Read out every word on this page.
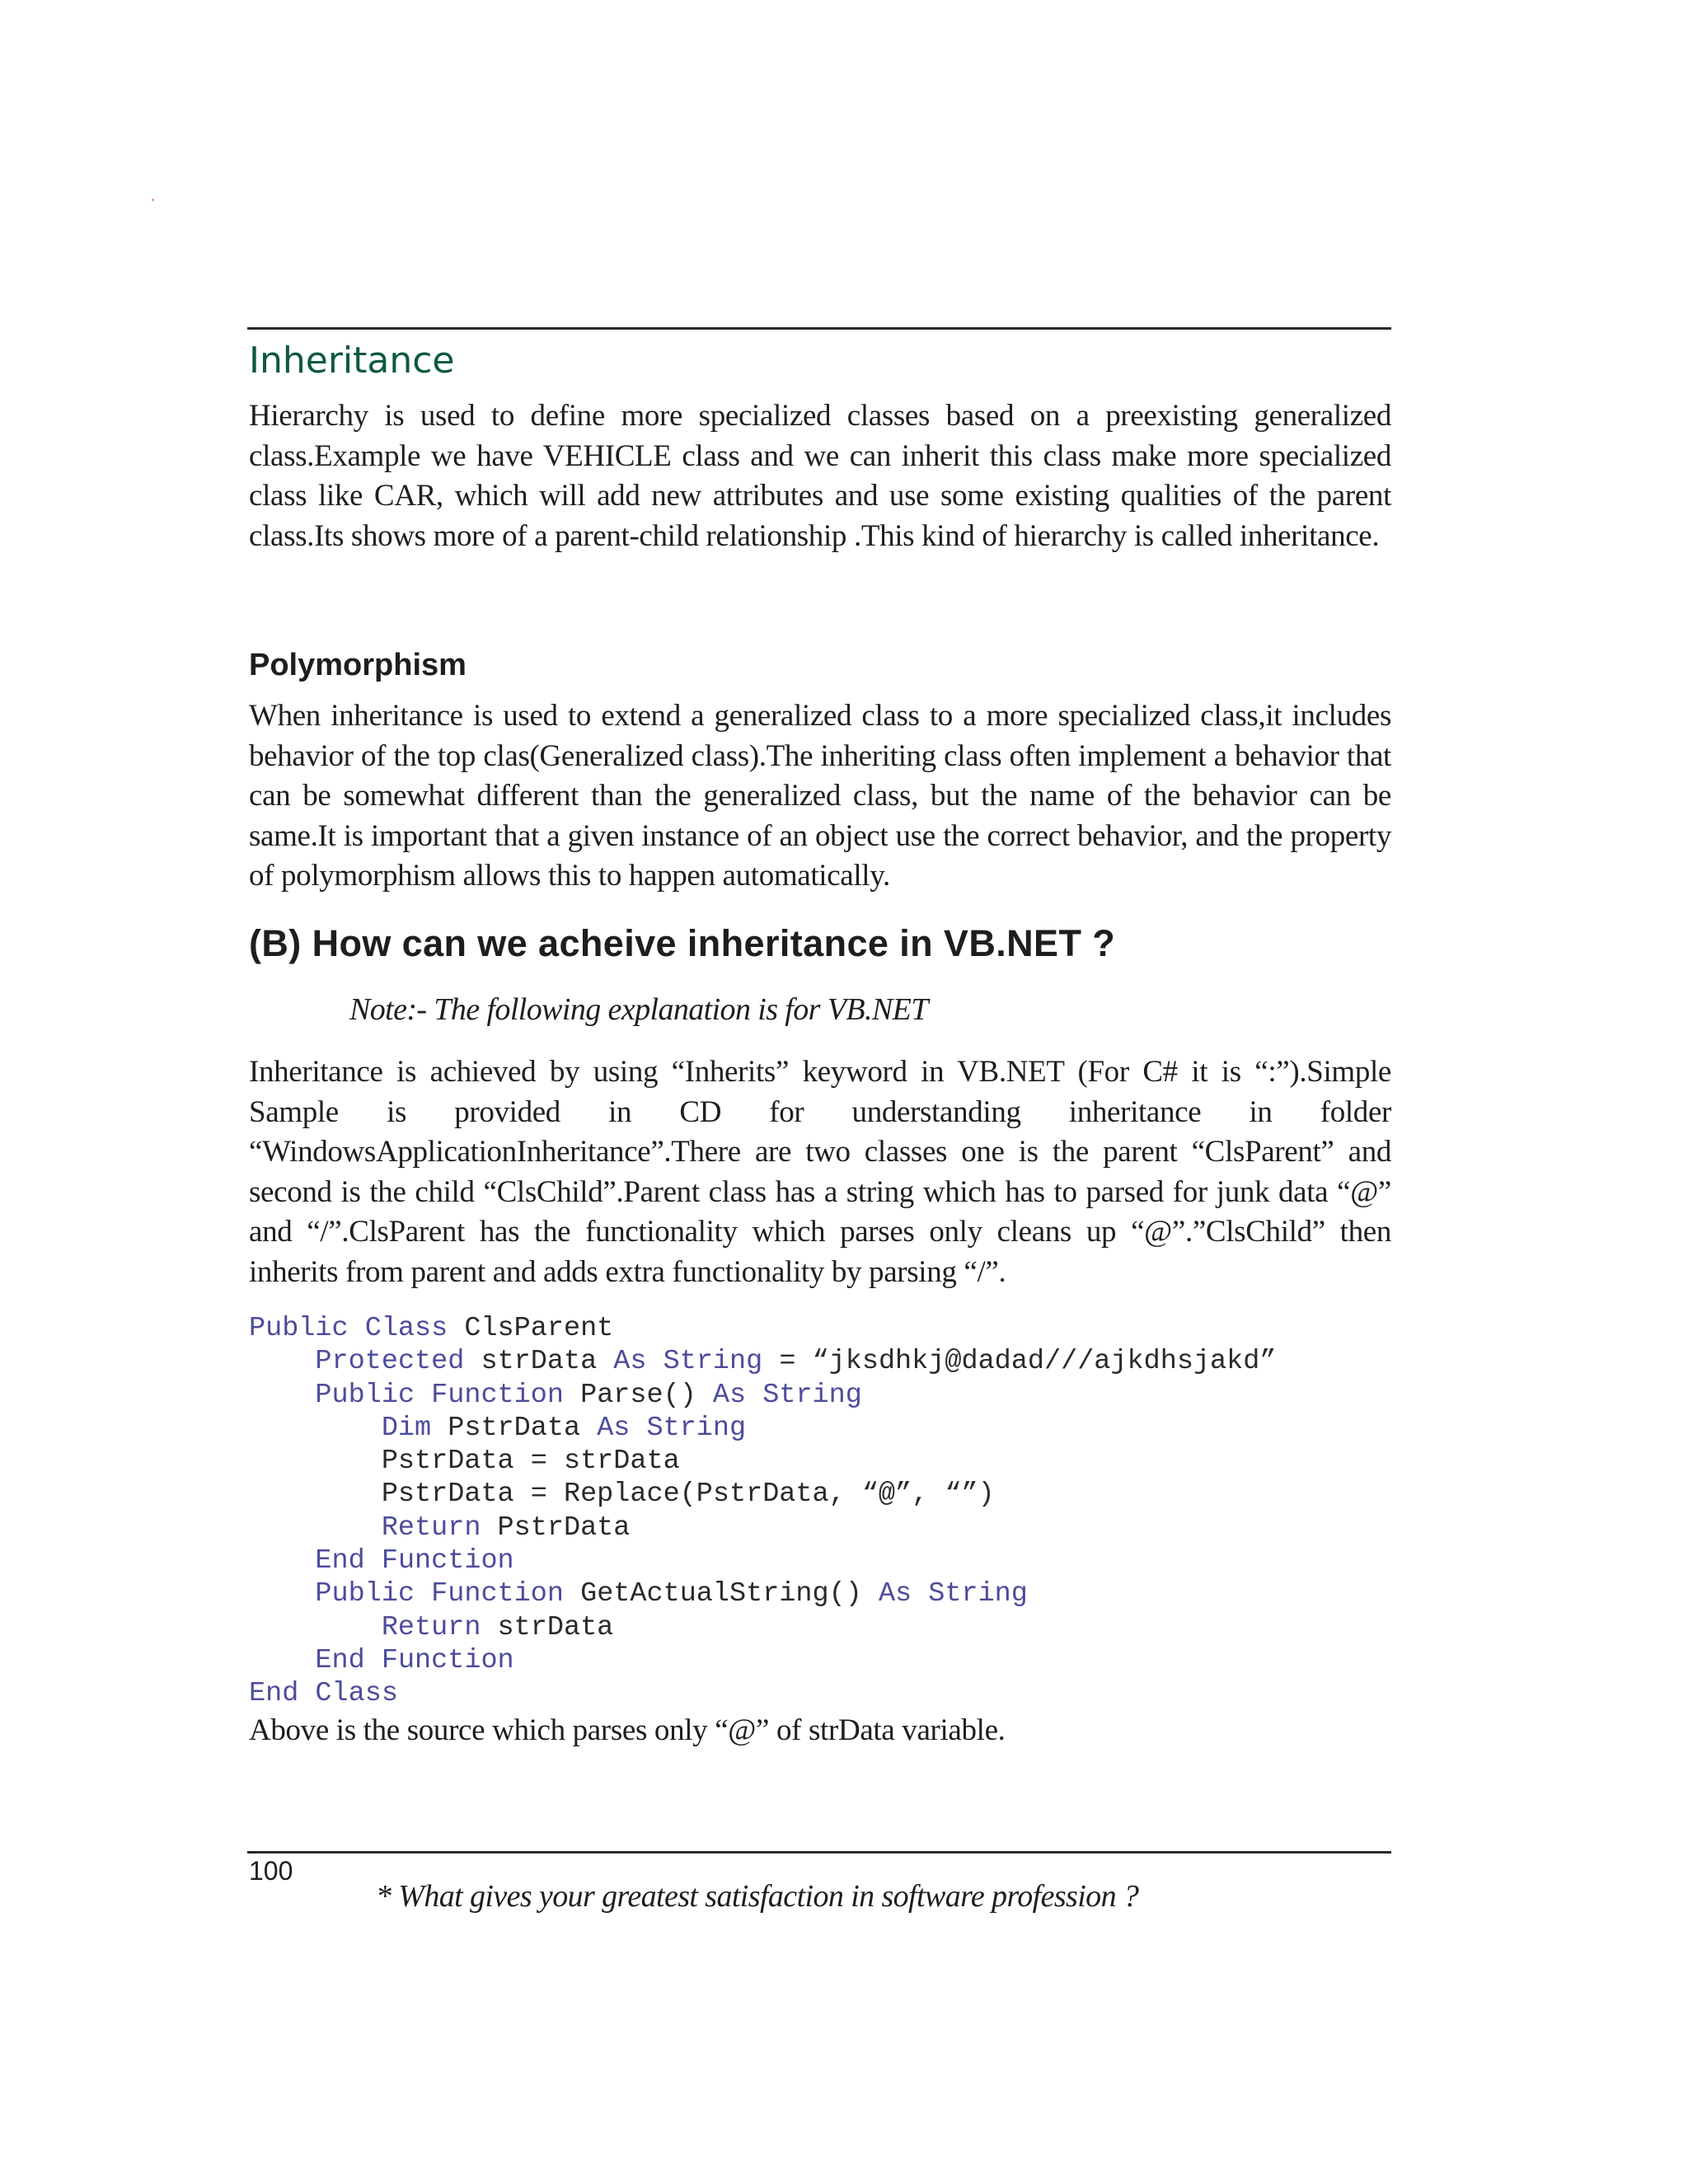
Inheritance

Hierarchy is used to define more specialized classes based on a preexisting generalized class.Example we have VEHICLE class and we can inherit this class make more specialized class like CAR, which will add new attributes and use some existing qualities of the parent class.Its shows more of a parent-child relationship .This kind of hierarchy is called inheritance.

Polymorphism

When inheritance is used to extend a generalized class to a more specialized class,it includes behavior of the top clas(Generalized class).The inheriting class often implement a behavior that can be somewhat different than the generalized class, but the name of the behavior can be same.It is important that a given instance of an object use the correct behavior, and the property of polymorphism allows this to happen automatically.

(B) How can we acheive inheritance in VB.NET ?

Note:- The following explanation is for VB.NET

Inheritance is achieved by using “Inherits” keyword in VB.NET (For C# it is “:”).Simple Sample is provided in CD for understanding inheritance in folder “WindowsApplicationInheritance”.There are two classes one is the parent “ClsParent” and second is the child “ClsChild”.Parent class has a string which has to parsed for junk data “@” and “/”.ClsParent has the functionality which parses only cleans up “@”.”ClsChild” then inherits from parent and adds extra functionality by parsing “/”.

Public Class ClsParent
Protected strData As String = “jksdhkj@dadad///ajkdhsjakd”
Public Function Parse() As String
Dim PstrData As String
PstrData = strData
PstrData = Replace(PstrData, “@”, “”)
Return PstrData
End Function
Public Function GetActualString() As String
Return strData
End Function
End Class

Above is the source which parses only “@” of strData variable.

100

* What gives your greatest satisfaction in software profession ?
